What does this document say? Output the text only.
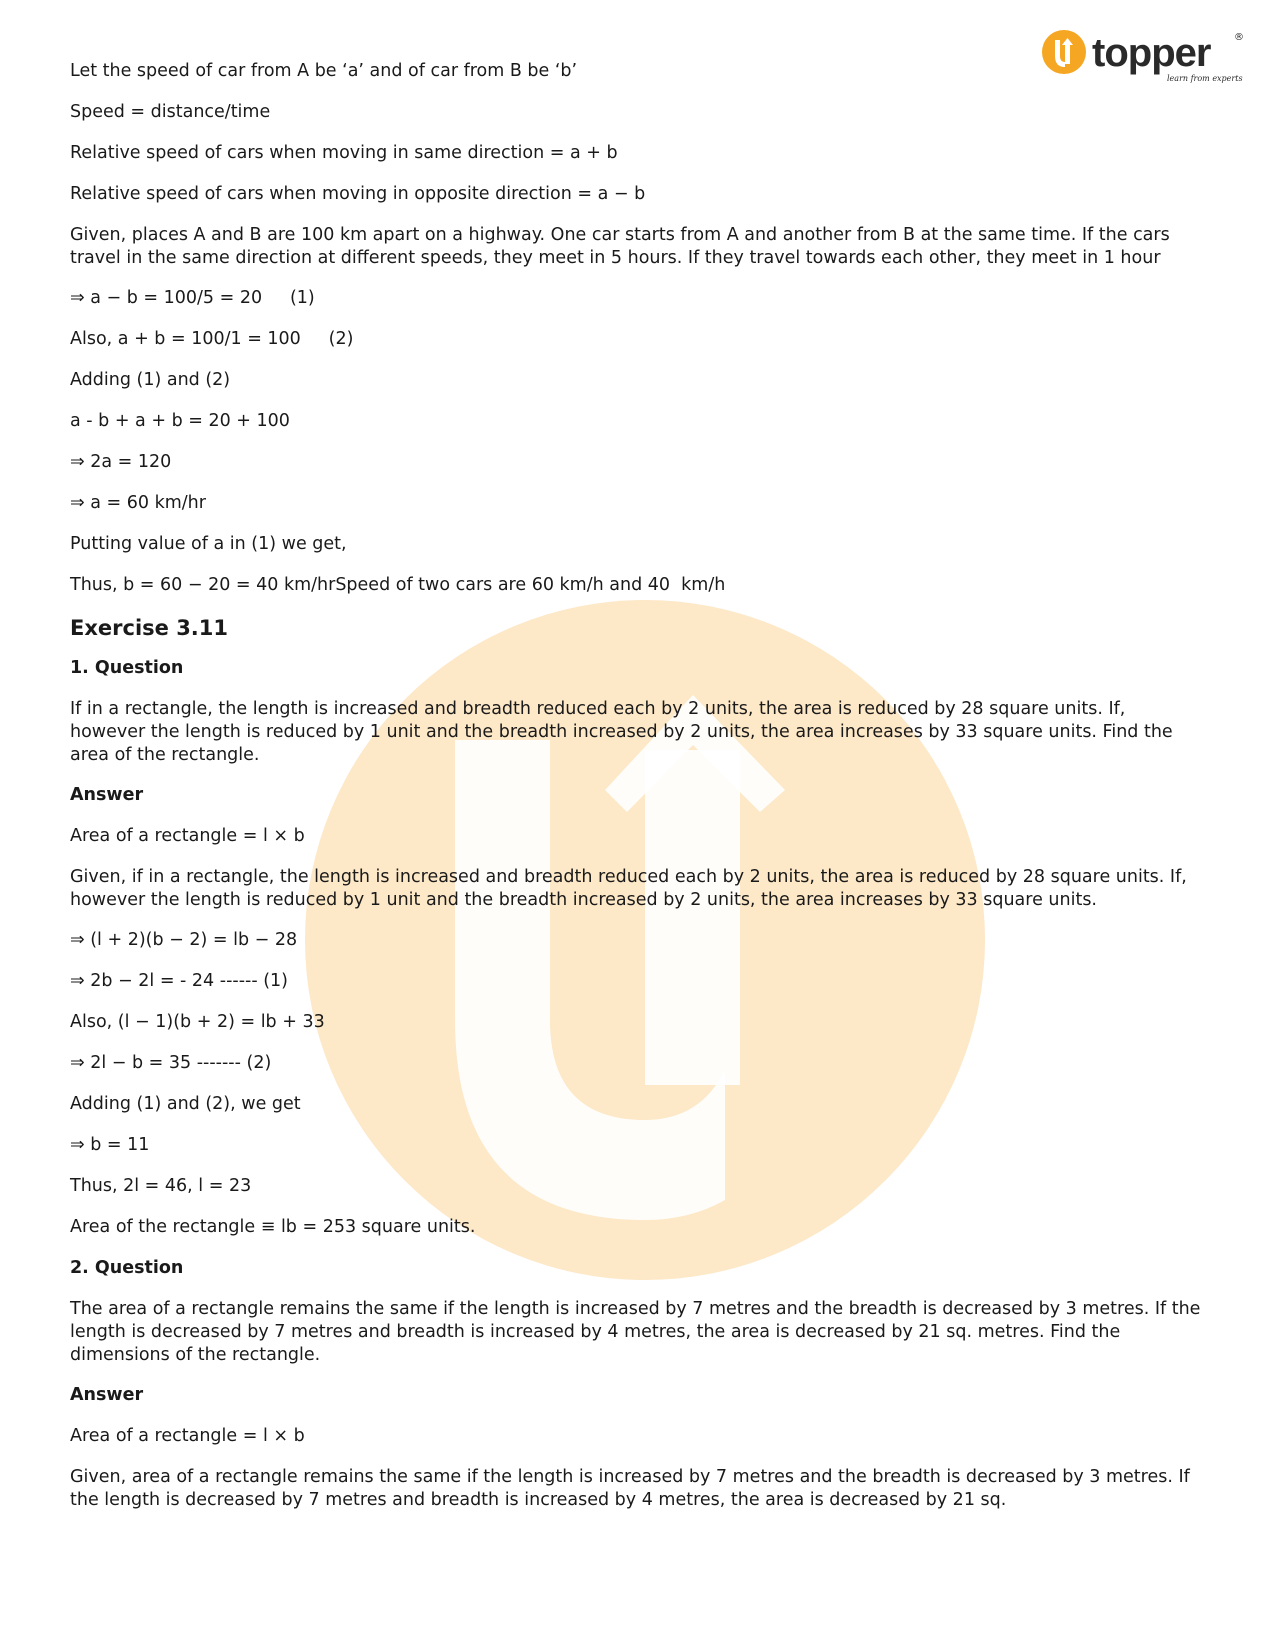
topper
learn from experts
®
Let the speed of car from A be ‘a’ and of car from B be ‘b’
Speed = distance/time
Relative speed of cars when moving in same direction = a + b
Relative speed of cars when moving in opposite direction = a − b
Given, places A and B are 100 km apart on a highway. One car starts from A and another from B at the same time. If the cars travel in the same direction at different speeds, they meet in 5 hours. If they travel towards each other, they meet in 1 hour
⇒ a − b = 100/5 = 20     (1)
Also, a + b = 100/1 = 100     (2)
Adding (1) and (2)
a - b + a + b = 20 + 100
⇒ 2a = 120
⇒ a = 60 km/hr
Putting value of a in (1) we get,
Thus, b = 60 − 20 = 40 km/hrSpeed of two cars are 60 km/h and 40  km/h
Exercise 3.11
1. Question
If in a rectangle, the length is increased and breadth reduced each by 2 units, the area is reduced by 28 square units. If, however the length is reduced by 1 unit and the breadth increased by 2 units, the area increases by 33 square units. Find the area of the rectangle.
Answer
Area of a rectangle = l × b
Given, if in a rectangle, the length is increased and breadth reduced each by 2 units, the area is reduced by 28 square units. If, however the length is reduced by 1 unit and the breadth increased by 2 units, the area increases by 33 square units.
⇒ (l + 2)(b − 2) = lb − 28
⇒ 2b − 2l = - 24 ------ (1)
Also, (l − 1)(b + 2) = lb + 33
⇒ 2l − b = 35 ------- (2)
Adding (1) and (2), we get
⇒ b = 11
Thus, 2l = 46, l = 23
Area of the rectangle ≡ lb = 253 square units.
2. Question
The area of a rectangle remains the same if the length is increased by 7 metres and the breadth is decreased by 3 metres. If the length is decreased by 7 metres and breadth is increased by 4 metres, the area is decreased by 21 sq. metres. Find the dimensions of the rectangle.
Answer
Area of a rectangle = l × b
Given, area of a rectangle remains the same if the length is increased by 7 metres and the breadth is decreased by 3 metres. If the length is decreased by 7 metres and breadth is increased by 4 metres, the area is decreased by 21 sq.
